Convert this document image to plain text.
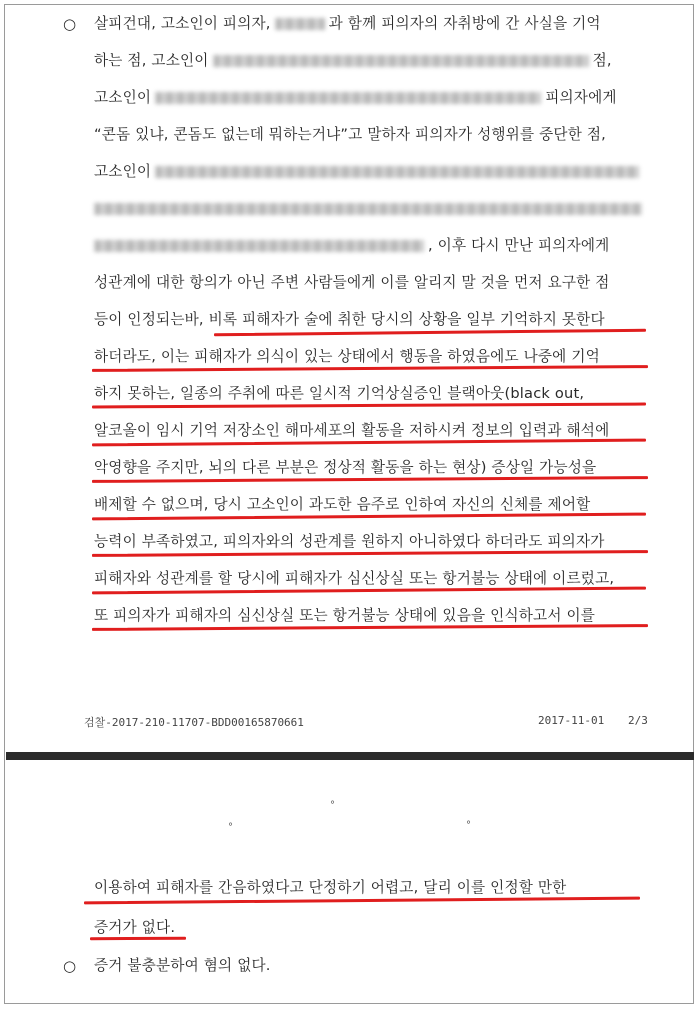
○ 살피건대, 고소인이 피의자,	과 함께 피의자의 자취방에 간 사실을 기억
하는 점, 고소인이	점,
고소인이	피의자에게
“콘돔 있냐, 콘돔도 없는데 뭐하는거냐”고 말하자 피의자가 성행위를 중단한 점,
고소인이
, 이후 다시 만난 피의자에게
성관계에 대한 항의가 아닌 주변 사람들에게 이를 알리지 말 것을 먼저 요구한 점
등이 인정되는바, 비록 피해자가 술에 취한 당시의 상황을 일부 기억하지 못한다
하더라도, 이는 피해자가 의식이 있는 상태에서 행동을 하였음에도 나중에 기억
하지 못하는, 일종의 주취에 따른 일시적 기억상실증인 블랙아웃(black out,
알코올이 임시 기억 저장소인 해마세포의 활동을 저하시켜 정보의 입력과 해석에
악영향을 주지만, 뇌의 다른 부분은 정상적 활동을 하는 현상) 증상일 가능성을
배제할 수 없으며, 당시 고소인이 과도한 음주로 인하여 자신의 신체를 제어할
능력이 부족하였고, 피의자와의 성관계를 원하지 아니하였다 하더라도 피의자가
피해자와 성관계를 할 당시에 피해자가 심신상실 또는 항거불능 상태에 이르렀고,
또 피의자가 피해자의 심신상실 또는 항거불능 상태에 있음을 인식하고서 이를
검찰-2017-210-11707-BDD00165870661	2017-11-01 2/3
°
°	°
이용하여 피해자를 간음하였다고 단정하기 어렵고, 달리 이를 인정할 만한
증거가 없다.
○ 증거 불충분하여 혐의 없다.
